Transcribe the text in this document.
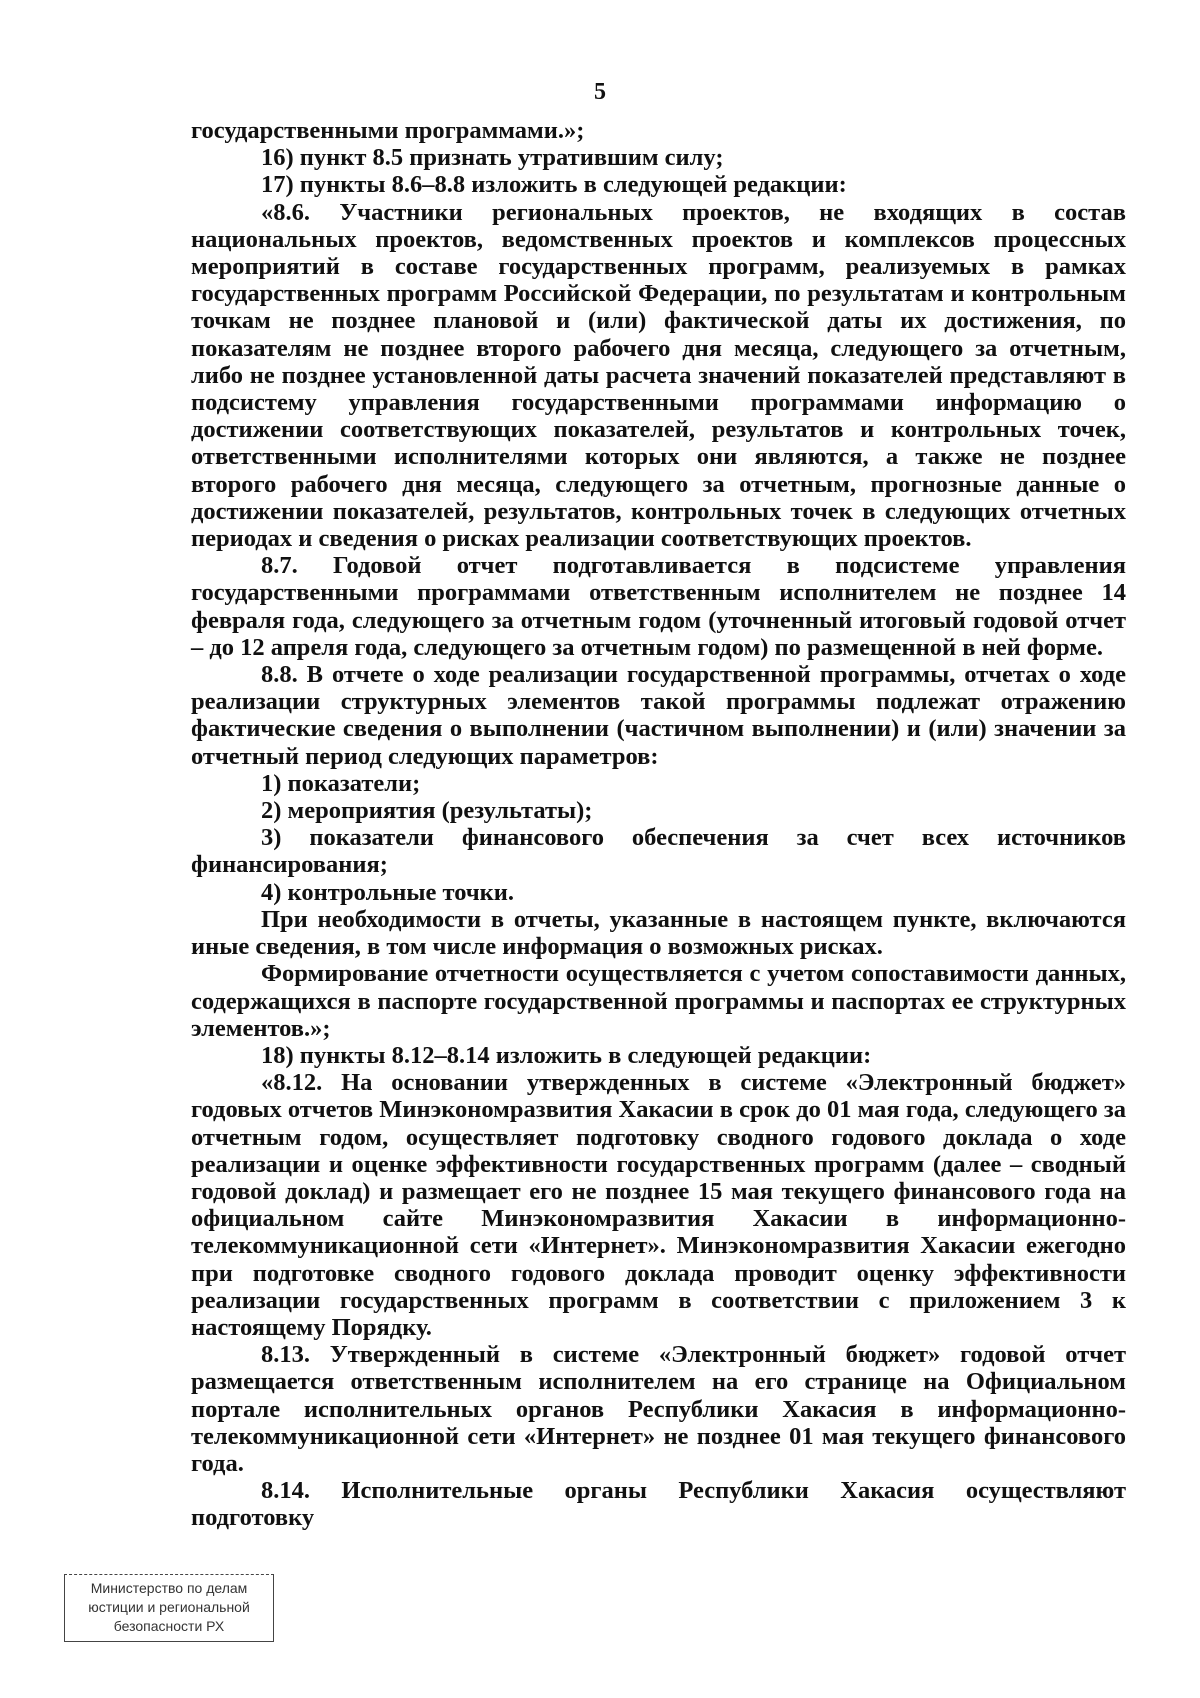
5

государственными программами.»;

16) пункт 8.5 признать утратившим силу;

17) пункты 8.6–8.8 изложить в следующей редакции:

«8.6. Участники региональных проектов, не входящих в состав национальных проектов, ведомственных проектов и комплексов процессных мероприятий в составе государственных программ, реализуемых в рамках государственных программ Российской Федерации, по результатам и контрольным точкам не позднее плановой и (или) фактической даты их достижения, по показателям не позднее второго рабочего дня месяца, следующего за отчетным, либо не позднее установленной даты расчета значений показателей представляют в подсистему управления государственными программами информацию о достижении соответствующих показателей, результатов и контрольных точек, ответственными исполнителями которых они являются, а также не позднее второго рабочего дня месяца, следующего за отчетным, прогнозные данные о достижении показателей, результатов, контрольных точек в следующих отчетных периодах и сведения о рисках реализации соответствующих проектов.

8.7. Годовой отчет подготавливается в подсистеме управления государственными программами ответственным исполнителем не позднее 14 февраля года, следующего за отчетным годом (уточненный итоговый годовой отчет – до 12 апреля года, следующего за отчетным годом) по размещенной в ней форме.

8.8. В отчете о ходе реализации государственной программы, отчетах о ходе реализации структурных элементов такой программы подлежат отражению фактические сведения о выполнении (частичном выполнении) и (или) значении за отчетный период следующих параметров:

1) показатели;

2) мероприятия (результаты);

3) показатели финансового обеспечения за счет всех источников финансирования;

4) контрольные точки.

При необходимости в отчеты, указанные в настоящем пункте, включаются иные сведения, в том числе информация о возможных рисках.

Формирование отчетности осуществляется с учетом сопоставимости данных, содержащихся в паспорте государственной программы и паспортах ее структурных элементов.»;

18) пункты 8.12–8.14 изложить в следующей редакции:

«8.12. На основании утвержденных в системе «Электронный бюджет» годовых отчетов Минэкономразвития Хакасии в срок до 01 мая года, следующего за отчетным годом, осуществляет подготовку сводного годового доклада о ходе реализации и оценке эффективности государственных программ (далее – сводный годовой доклад) и размещает его не позднее 15 мая текущего финансового года на официальном сайте Минэкономразвития Хакасии в информационно-телекоммуникационной сети «Интернет». Минэкономразвития Хакасии ежегодно при подготовке сводного годового доклада проводит оценку эффективности реализации государственных программ в соответствии с приложением 3 к настоящему Порядку.

8.13. Утвержденный в системе «Электронный бюджет» годовой отчет размещается ответственным исполнителем на его странице на Официальном портале исполнительных органов Республики Хакасия в информационно-телекоммуникационной сети «Интернет» не позднее 01 мая текущего финансового года.

8.14. Исполнительные органы Республики Хакасия осуществляют подготовку

Министерство по делам
юстиции и региональной
безопасности РХ
